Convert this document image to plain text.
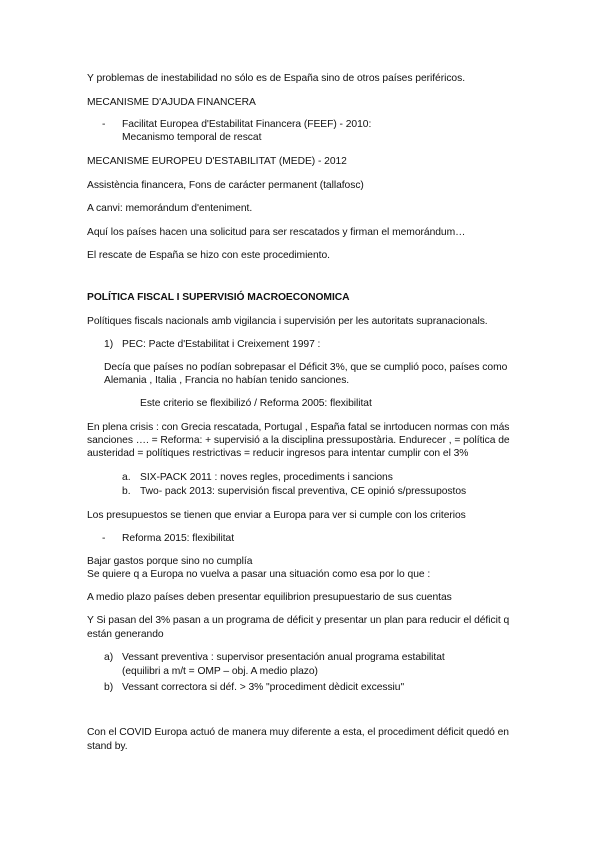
Y problemas de inestabilidad no sólo es de España sino de otros países periféricos.
MECANISME D'AJUDA FINANCERA
- Facilitat Europea d'Estabilitat Financera (FEEF) - 2010:
Mecanismo temporal de rescat
MECANISME EUROPEU D'ESTABILITAT (MEDE) - 2012
Assistència financera, Fons de carácter permanent (tallafosc)
A canvi: memorándum d'enteniment.
Aquí los países hacen una solicitud para ser rescatados y firman el memorándum…
El rescate de España se hizo con este procedimiento.
POLÍTICA FISCAL I SUPERVISIÓ MACROECONOMICA
Polítiques fiscals nacionals amb vigilancia i supervisión per les autoritats supranacionals.
1) PEC: Pacte d'Estabilitat i Creixement 1997 :
Decía que países no podían sobrepasar el Déficit 3%, que se cumplió poco, países como
Alemania , Italia , Francia no habían tenido sanciones.
Este criterio se flexibilizó / Reforma 2005: flexibilitat
En plena crisis : con Grecia rescatada, Portugal , España fatal se inrtoducen normas con más
sanciones …. = Reforma: + supervisió a la disciplina pressupostària. Endurecer , = política de
austeridad = polítiques restrictivas = reducir ingresos para intentar cumplir con el 3%
a. SIX-PACK 2011 : noves regles, procediments i sancions
b. Two- pack 2013: supervisión fiscal preventiva, CE opinió s/pressupostos
Los presupuestos se tienen que enviar a Europa para ver si cumple con los criterios
- Reforma 2015: flexibilitat
Bajar gastos porque sino no cumplía
Se quiere q a Europa no vuelva a pasar una situación como esa por lo que :
A medio plazo países deben presentar equilibrion presupuestario de sus cuentas
Y Si pasan del 3% pasan a un programa de déficit y presentar un plan para reducir el déficit q
están generando
a) Vessant preventiva : supervisor presentación anual programa estabilitat
(equilibri a m/t = OMP – obj. A medio plazo)
b) Vessant correctora si déf. > 3% "procediment dèdicit excessiu"
Con el COVID Europa actuó de manera muy diferente a esta, el procediment déficit quedó en
stand by.
